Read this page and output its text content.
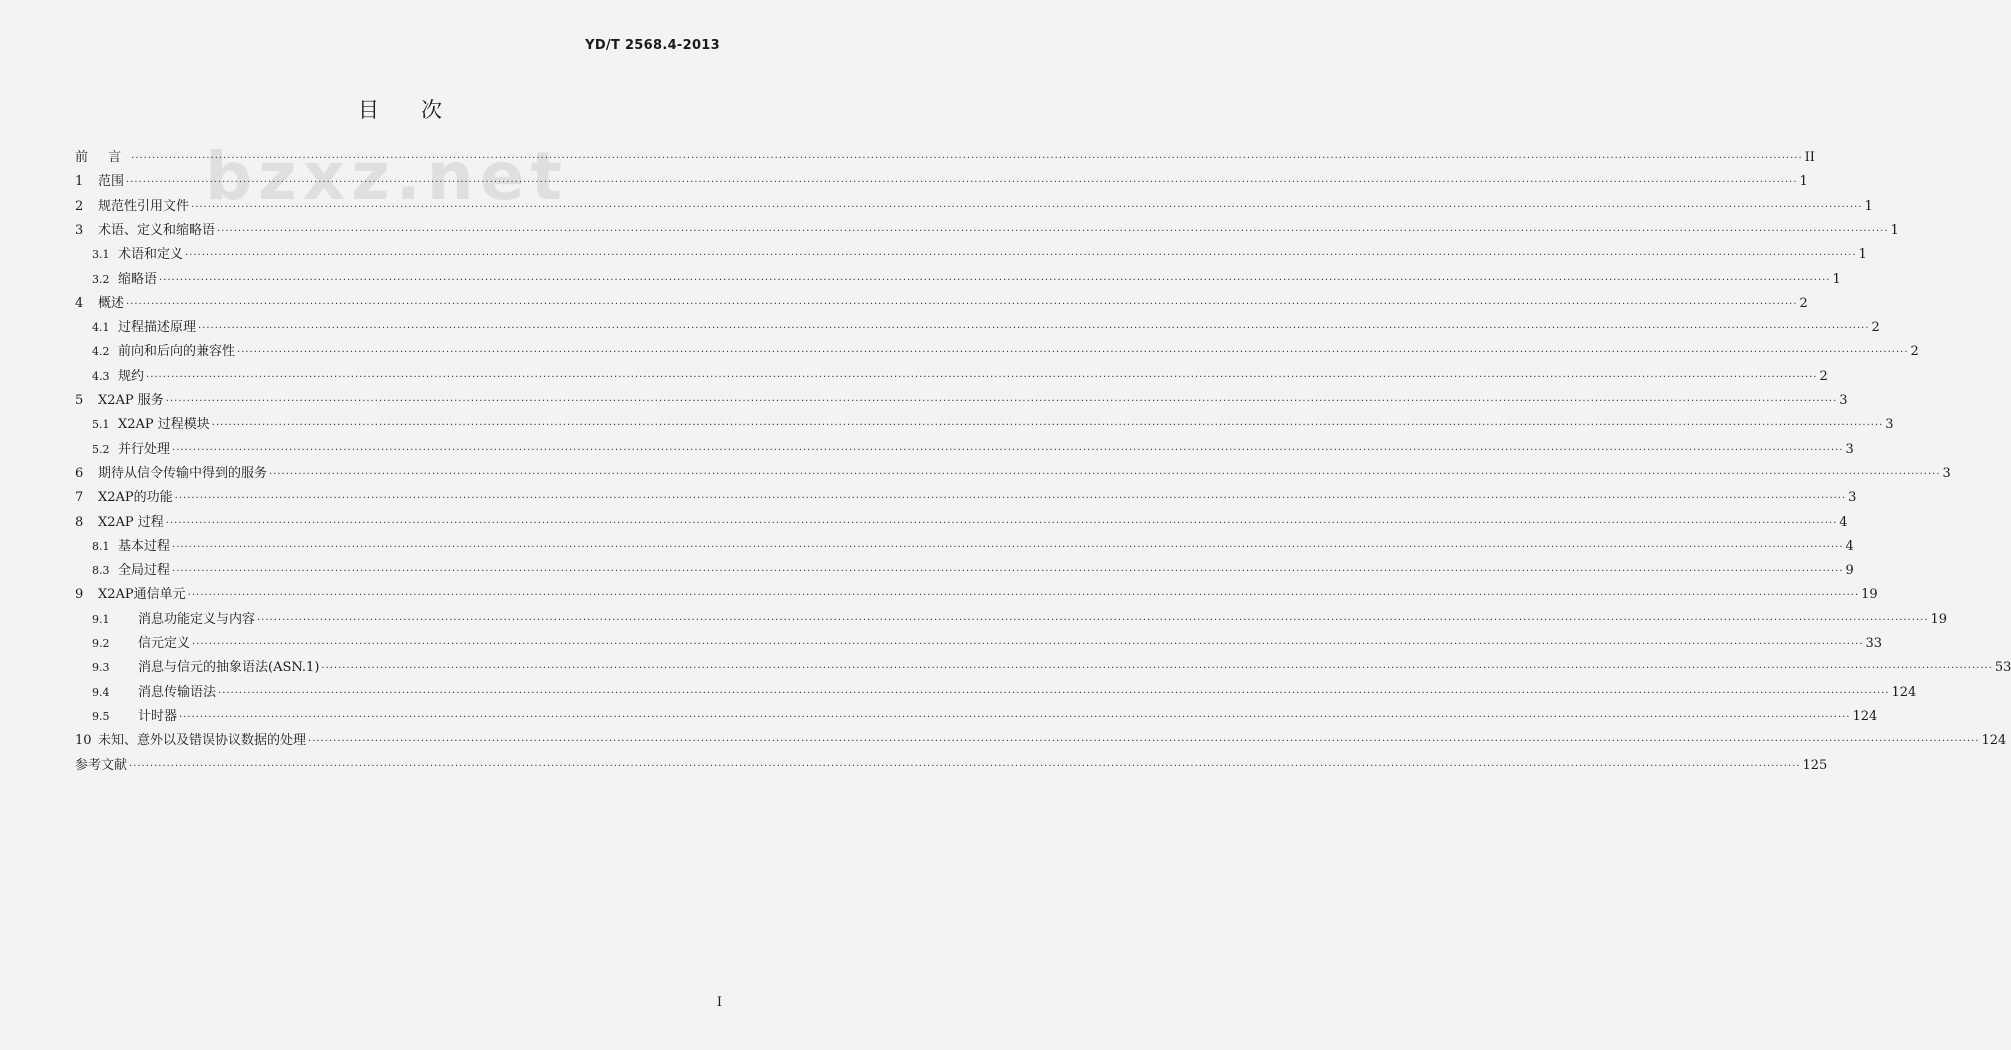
YD/T 2568.4-2013
目次
bzxz.net
前 言 ················································································································································································································································································································································································································ II
1	范围 ················································································································································································································································································································································································································ 1
2	规范性引用文件 ················································································································································································································································································································································································································ 1
3	术语、定义和缩略语 ················································································································································································································································································································································································································ 1
3.1 术语和定义 ················································································································································································································································································································································································································ 1
3.2 缩略语 ················································································································································································································································································································································································································ 1
4	概述 ················································································································································································································································································································································································································ 2
4.1 过程描述原理 ················································································································································································································································································································································································································ 2
4.2 前向和后向的兼容性 ················································································································································································································································································································································································································ 2
4.3 规约 ················································································································································································································································································································································································································ 2
5	X2AP 服务 ················································································································································································································································································································································································································ 3
5.1 X2AP 过程模块 ················································································································································································································································································································································································································ 3
5.2 并行处理 ················································································································································································································································································································································································································ 3
6	期待从信令传输中得到的服务 ················································································································································································································································································································································································································ 3
7	X2AP的功能 ················································································································································································································································································································································································································ 3
8	X2AP 过程 ················································································································································································································································································································································································································ 4
8.1 基本过程 ················································································································································································································································································································································································································ 4
8.3 全局过程 ················································································································································································································································································································································································································ 9
9	X2AP通信单元 ················································································································································································································································································································································································································ 19
9.1	消息功能定义与内容 ················································································································································································································································································································································································································ 19
9.2	信元定义 ················································································································································································································································································································································································································ 33
9.3	消息与信元的抽象语法(ASN.1) ················································································································································································································································································································································································································ 53
9.4	消息传输语法 ················································································································································································································································································································································································································ 124
9.5	计时器 ················································································································································································································································································································································································································ 124
10 未知、意外以及错误协议数据的处理 ················································································································································································································································································································································································································ 124
参考文献 ················································································································································································································································································································································································································ 125
I
